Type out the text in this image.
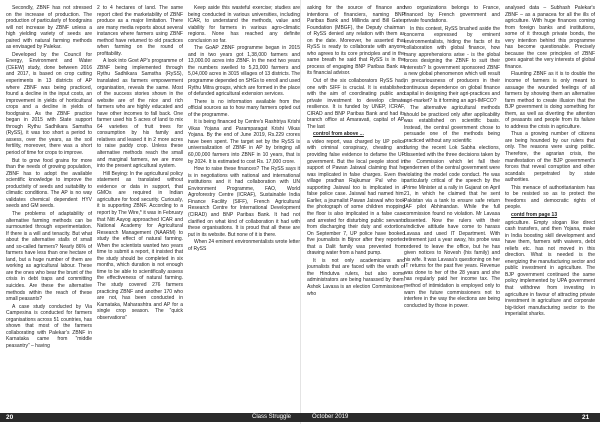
Secondly, ZBNF has not stressed on the increase of production. The production of particularly of foodgrains will not increase by ZBNF unless a high yielding variety of seeds are paired with natural farming methods as envisaged by Palekar.

Developed by the Council for Energy, Environment and Water (CEEW) study, done between 2016 and 2017, is based on crop cutting experiments in 13 districts of AP where ZBNF was being practiced, found a decline in the input costs, an improvement in yields of horticultural crops and a decline in yields of foodgrains. As the ZBNF practice began in 2015 with State support through Rythu Sadhikara Samstha (RySS), it was too short a period to assess, over the years, as the soil fertility, moreover, there was a short period of time for crops to improve.

But to grow food grains for more than the needs of growing population, ZBNF has to adopt the available scientific knowledge to improve the productivity of seeds and suitability to climatic conditions. The AP is no way validates chemical dependent HYV seeds and GM seeds.

The problems of adaptability of alternative farming methods can be surmounted through experimentation. If there is a will and tenacity. But what about the alternative stalls of small and so-called farmers? Nearly 86% of farmers have less than one hectare of land, but a huge number of them are working as agricultural labour. These are the ones who bear the brunt of the crisis in debt traps and committing suicides. Are these the alternative methods within the reach of these small peasants?

A case study conducted by Via Campesina is conducted for farmers organisations across 51 countries, has shown that most of the farmers collaborating with Palekar’s ZBNF in Karnataka came from “middle peasantry” – having

2 to 4 hectares of land. The same report cited the marketability of ZBNF produce as a major limitation. There are many media reports about several instances where farmers using ZBNF method have returned to old practices when farming on the round of profitability.

A look into Govt AP's programme of ZBNF being implemented through Rythu Sadhikara Samstha (RySS), translated as farmers empowerment organisation, reveals the same. Most of the success stories shown in the website are of the nice and rich farmers who are highly educated and have other incomes to fall back. One farmer used his 5 acres of land to mix 64 varieties of fruit trees for consumption by his family and relatives and leased it in 2 more acres to raise paddy crop. Unless these alternative methods reach the small and marginal farmers, we are more into the present agricultural system.

Hill Beying: In the agricultural policy statement as translated without evidence or data in support, that GMOs are required in Indian agriculture for food security. Curiously, it is supporting ZBNF. According to a report by The Wire,* it was in February that Nitt Aayog approached ICAR and National Academy for Agricultural Research Management (NAARM) to study the effect of natural farming. When the scientists wanted two years time to submit a report, it insisted that the study should be completed in six months, which duration is not enough time to be able to scientifically assess the effectiveness of natural farming. The study covered 276 farmers practicing ZBNF and another 170 who are not, has been conducted in Karnataka, Maharashtra and AP for a single crop season. The “quick observations”

Keep aside this wasteful exercise; studies are being conducted in various universities, including ICAR, to understand the methods, value and viability for farmers in various agro-climatic regions. None has reached any definite conclusion so far.

The GoAP ZBNF programme began in 2015 and in two years got 1,38,000 farmers and 13,000.00 acres into ZBNF. In the next two years the numbers swelled to 5,23,000 farmers and 5,04,000 acres in 3015 villages of 13 districts. The programme depended on SHGs to enroll and used Rythu Mitra groups, which are formed in the place of defunded agricultural extension services.

There is no information available from the official sources as to how many farmers opted out of the programme.

It is being financed by Centre's Rashtriya Krishi Vikas Yojana and Paramparagat Krishi Vikas Yojana. By the end of June 2019, Rs.229 crores have been spent. The target set by the RySS is universalization of ZBNF in AP by bringing all 60,00,000 farmers into ZBNF in 10 years, that is by 2024. It is estimated to cost Rs. 17,000 crore.

How to raise these finances? The RySS says it is in negotiations with national and international institutions and it had collaboration with UN Environment Programme, FAO, World Agroforestry Centre (ICRAF), Sustainable India Finance Facility (SIFF), French Agricultural Research Centre for International Development (CIRAD) and BNP Paribas Bank. It had not clarified on what kind of collaboration it had with these organisations. It is proud that all these are put in its website. But none of it is there.

When 24 eminent environmentalists wrote letter of RySS

asking for the source of finance and intentions of financiers, naming BNP Paribas Bank and Millinda and Bill Gates Foundation (MBGF), the Deputy chairman of RySS denied any relation with them as on the date. Moreover, he asserted that RySS is ready to collaborate with anyone who agrees to its core principles and in the same breath he said that RySS is in the process of engaging BNP Paribas Bank as its financial advisor.

Out of the six collaborators RySS had, one with SIFF is crucial. It is established with the aim of coordinating public and private investment to develop climate resilience. It is funded by UNEP, ICRAF, CIRAD and BNP Paribas Bank and had its branch office at Amaravati, capital of AP. The last

control from above ...

a video report, was charged by UP police with criminal conspiracy, cheating and providing false evidence to defame the UP government. But the local people stood in support of Pawan Jaiswal claiming that he was implicated in false charges. Even the village pradhan Rajkumar Pal who is supporting Jaiswal too is implicated in a false police case. Jaiswal had named him. Earlier, a journalist Pawan Jaiswal who took the photograph of some children mopping the floor is also implicated in a false case and arrested for disturbing public servants from discharging their duty and extortion. On September 7, UP police have booked five journalists in Bijnor after they reported that a Dalit family was prevented from drawing water from a hand pump.

It is not only academicians and journalists that are faced with the wrath of the Hindutva rulers, but also some administrators are being harassed by them. Ashok Lavasa is an election Commissioner, who

two organizations belongs to France, financed by French government and private foundations.

In this context, RySS brushed aside the concerns expressed by eminent environmentalists, hiding the facts of its collaboration with global finance, how many apprehensions arise - is the global forces designing the ZBNF to suit their interests? Is government sponsored ZBNF a new global phenomenon which will result in precariousness of producers in their continuous dependence on global finance capital in designing their agri-practices and agri-market? Is it forming an agri-IMFCO?

The alternative agricultural methods should be practiced only after applicability was established on scientific basis. Instead, the central government chose to persuade one of the methods being practiced without any scientific

during the recent Lok Sabha elections, dissented with the three decisions taken by the Commission which let fall their gendermen of the central government were violating the model code conduct. He was particularly critical of the speech by the Prime Minister at a rally in Gujarat on April 21, in which he claimed that he sent Pakistan via a tank to ensure safe return IAF pilot Abhinandan. While the full commission found no violation. Mr Lavasa dissented. Now the rulers with their vindictive attitude have come to harass Lavasa and used IT Department. With retirement just a year away, his probe was ordered to leave the office, but he has given notices to Novesh (his family) and his wife. It was Lavasa's questioning on her IT returns for the past five years. Revenue was done to her of the 28 years and she has regularly paid her income tax. The method of intimidation is employed only to warn the future commissioners not to interfere in the way the elections are being conducted by those in power.

analysed data – Subhash Palekar's ZBNF – as a panacea for all the ills of agriculture. With huge finances coming from foreign banks and institutions, some of it through private bonds, the very intention behind this programme has become questionable. Precisely because the core principles of ZBNF goes against the very interests of global finance.

Flaunting ZBNF as it is to double the income of farmers is only meant to assuage the wounded feelings of all farmers by showing them an alternative farm method to create illusion that the BJP government is doing something for them, as well as diverting the attention of peasants and people from its failure to address the crisis in agriculture.

Thus a growing number of citizens are being hounded by our rulers that only. The reasons were using politic. Therefore, the agrarian crisis, the manifestation of the BJP government's forces that reveal corruption and other scandals perpetrated by state authorities.

This menace of authoritarianism has to be resisted so as to protect the freedoms and democratic rights of people.

contd from page 13

agriculture. Empty slogan like direct cash transfers, and then Yojana, make in India boosting skill development and have them, farmers with waivers, debt reliefs etc. has not moved in this direction. What is needed is the energizing the manufacturing sector and public investment in agriculture. The BJP government continued the same policy implemented by UPA government that withdrew from investing in agriculture in favour of attracting private investment in agriculture and corporate big-ticket manufacturing sector to the imperialist sharks.

20	Class Struggle	October 2019	21
